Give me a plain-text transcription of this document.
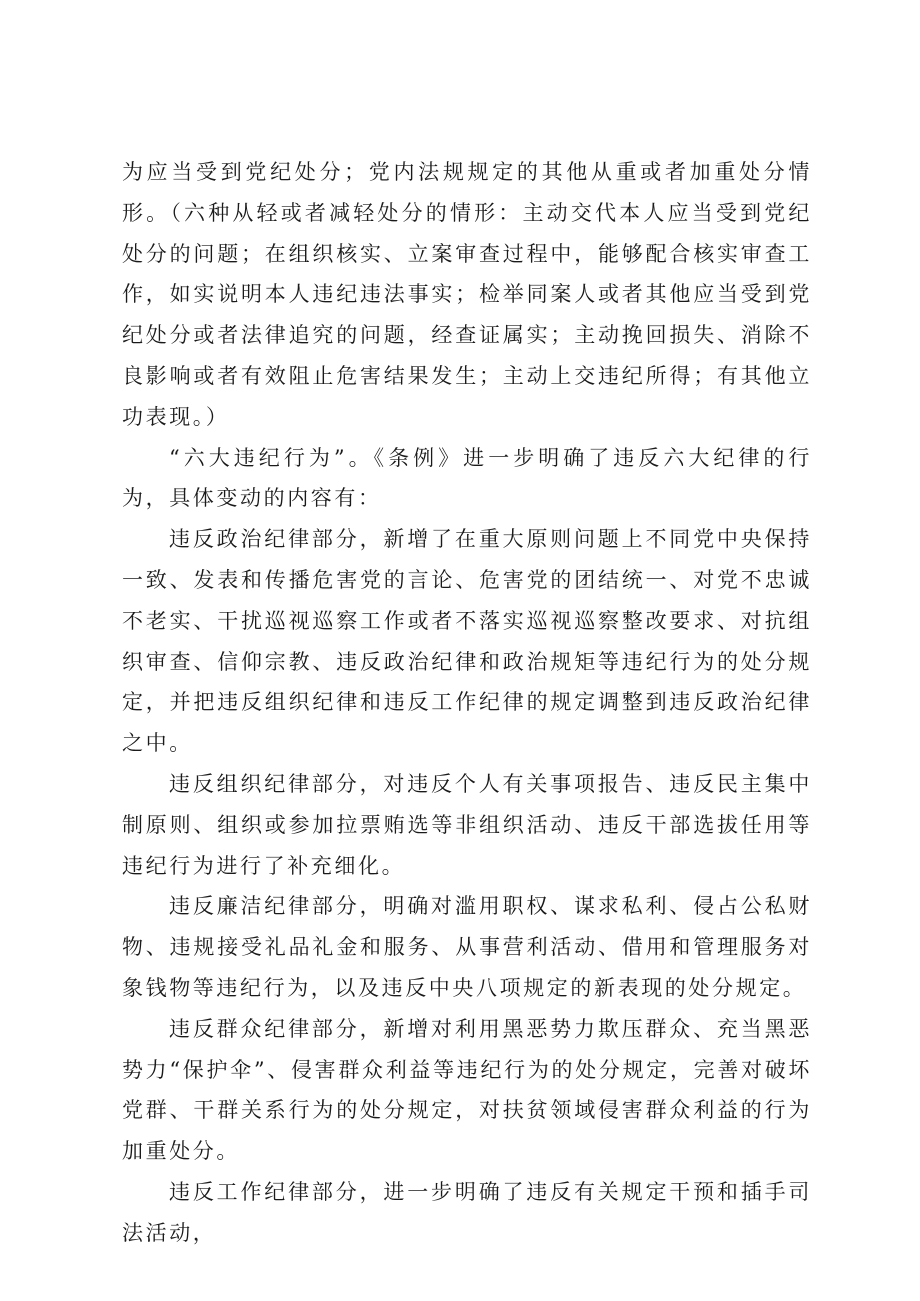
为应当受到党纪处分；党内法规规定的其他从重或者加重处分情形。（六种从轻或者减轻处分的情形：主动交代本人应当受到党纪处分的问题；在组织核实、立案审查过程中，能够配合核实审查工作，如实说明本人违纪违法事实；检举同案人或者其他应当受到党纪处分或者法律追究的问题，经查证属实；主动挽回损失、消除不良影响或者有效阻止危害结果发生；主动上交违纪所得；有其他立功表现。）

“六大违纪行为”。《条例》进一步明确了违反六大纪律的行为，具体变动的内容有：

违反政治纪律部分，新增了在重大原则问题上不同党中央保持一致、发表和传播危害党的言论、危害党的团结统一、对党不忠诚不老实、干扰巡视巡察工作或者不落实巡视巡察整改要求、对抗组织审查、信仰宗教、违反政治纪律和政治规矩等违纪行为的处分规定，并把违反组织纪律和违反工作纪律的规定调整到违反政治纪律之中。

违反组织纪律部分，对违反个人有关事项报告、违反民主集中制原则、组织或参加拉票贿选等非组织活动、违反干部选拔任用等违纪行为进行了补充细化。

违反廉洁纪律部分，明确对滥用职权、谋求私利、侵占公私财物、违规接受礼品礼金和服务、从事营利活动、借用和管理服务对象钱物等违纪行为，以及违反中央八项规定的新表现的处分规定。

违反群众纪律部分，新增对利用黑恶势力欺压群众、充当黑恶势力“保护伞”、侵害群众利益等违纪行为的处分规定，完善对破坏党群、干群关系行为的处分规定，对扶贫领域侵害群众利益的行为加重处分。

违反工作纪律部分，进一步明确了违反有关规定干预和插手司法活动，
